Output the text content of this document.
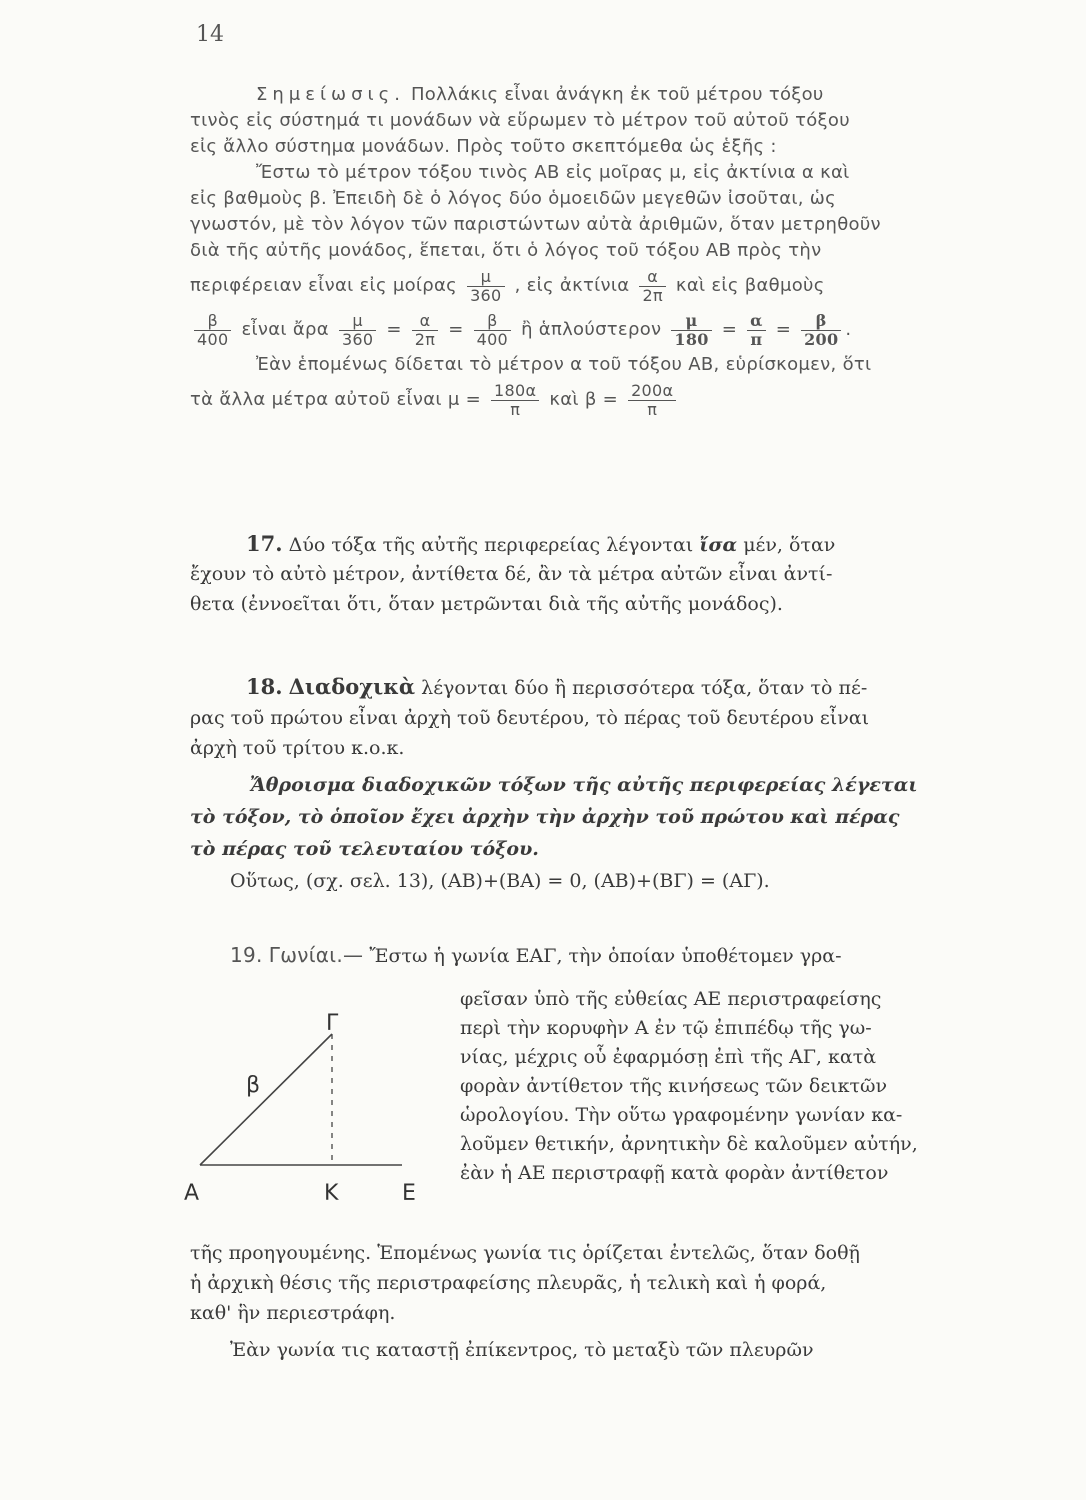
14
Σημείωσις. Πολλάκις εἶναι ἀνάγκη ἐκ τοῦ μέτρου τόξου
τινὸς εἰς σύστημά τι μονάδων νὰ εὕρωμεν τὸ μέτρον τοῦ αὐτοῦ τόξου
εἰς ἄλλο σύστημα μονάδων. Πρὸς τοῦτο σκεπτόμεθα ὡς ἑξῆς :
Ἔστω τὸ μέτρον τόξου τινὸς ΑΒ εἰς μοῖρας μ, εἰς ἀκτίνια α καὶ
εἰς βαθμοὺς β. Ἐπειδὴ δὲ ὁ λόγος δύο ὁμοειδῶν μεγεθῶν ἰσοῦται, ὡς
γνωστόν, μὲ τὸν λόγον τῶν παριστώντων αὐτὰ ἀριθμῶν, ὅταν μετρηθοῦν
διὰ τῆς αὐτῆς μονάδος, ἕπεται, ὅτι ὁ λόγος τοῦ τόξου ΑΒ πρὸς τὴν
περιφέρειαν εἶναι εἰς μοίρας $\frac{\mu}{360}$ , εἰς ἀκτίνια $\frac{\alpha}{2\pi}$ καὶ εἰς βαθμοὺς
$\frac{\beta}{400}$ εἶναι ἄρα $\frac{\mu}{360} = \frac{\alpha}{2\pi} = \frac{\beta}{400}$ ἢ ἁπλούστερον $\frac{\mu}{180} = \frac{\alpha}{\pi} = \frac{\beta}{200}$ .
Ἐὰν ἑπομένως δίδεται τὸ μέτρον α τοῦ τόξου ΑΒ, εὑρίσκομεν, ὅτι
τὰ ἄλλα μέτρα αὐτοῦ εἶναι $\mu = \frac{180\alpha}{\pi}$ καὶ $\beta = \frac{200\alpha}{\pi}$
17. Δύο τόξα τῆς αὐτῆς περιφερείας λέγονται ἴσα μέν, ὅταν
ἔχουν τὸ αὐτὸ μέτρον, ἀντίθετα δέ, ἂν τὰ μέτρα αὐτῶν εἶναι ἀντί-
θετα (ἐννοεῖται ὅτι, ὅταν μετρῶνται διὰ τῆς αὐτῆς μονάδος).
18. Διαδοχικὰ λέγονται δύο ἢ περισσότερα τόξα, ὅταν τὸ πέ-
ρας τοῦ πρώτου εἶναι ἀρχὴ τοῦ δευτέρου, τὸ πέρας τοῦ δευτέρου εἶναι
ἀρχὴ τοῦ τρίτου κ.ο.κ.
Ἄθροισμα διαδοχικῶν τόξων τῆς αὐτῆς περιφερείας λέγεται
τὸ τόξον, τὸ ὁποῖον ἔχει ἀρχὴν τὴν ἀρχὴν τοῦ πρώτου καὶ πέρας
τὸ πέρας τοῦ τελευταίου τόξου.
Οὕτως, (σχ. σελ. 13), (ΑΒ)+(ΒΑ) = 0, (ΑΒ)+(ΒΓ) = (ΑΓ).
19. Γωνίαι.— Ἔστω ἡ γωνία ΕΑΓ, τὴν ὁποίαν ὑποθέτομεν γρα-
Α	Κ	Ε
Γ
β
φεῖσαν ὑπὸ τῆς εὐθείας ΑΕ περιστραφείσης
περὶ τὴν κορυφὴν Α ἐν τῷ ἐπιπέδῳ τῆς γω-
νίας, μέχρις οὗ ἐφαρμόσῃ ἐπὶ τῆς ΑΓ, κατὰ
φορὰν ἀντίθετον τῆς κινήσεως τῶν δεικτῶν
ὡρολογίου. Τὴν οὕτω γραφομένην γωνίαν κα-
λοῦμεν θετικήν, ἀρνητικὴν δὲ καλοῦμεν αὐτήν,
ἐὰν ἡ ΑΕ περιστραφῇ κατὰ φορὰν ἀντίθετον
τῆς προηγουμένης. Ἑπομένως γωνία τις ὁρίζεται ἐντελῶς, ὅταν δοθῇ
ἡ ἀρχικὴ θέσις τῆς περιστραφείσης πλευρᾶς, ἡ τελικὴ καὶ ἡ φορά,
καθ' ἣν περιεστράφη.
Ἐὰν γωνία τις καταστῇ ἐπίκεντρος, τὸ μεταξὺ τῶν πλευρῶν
